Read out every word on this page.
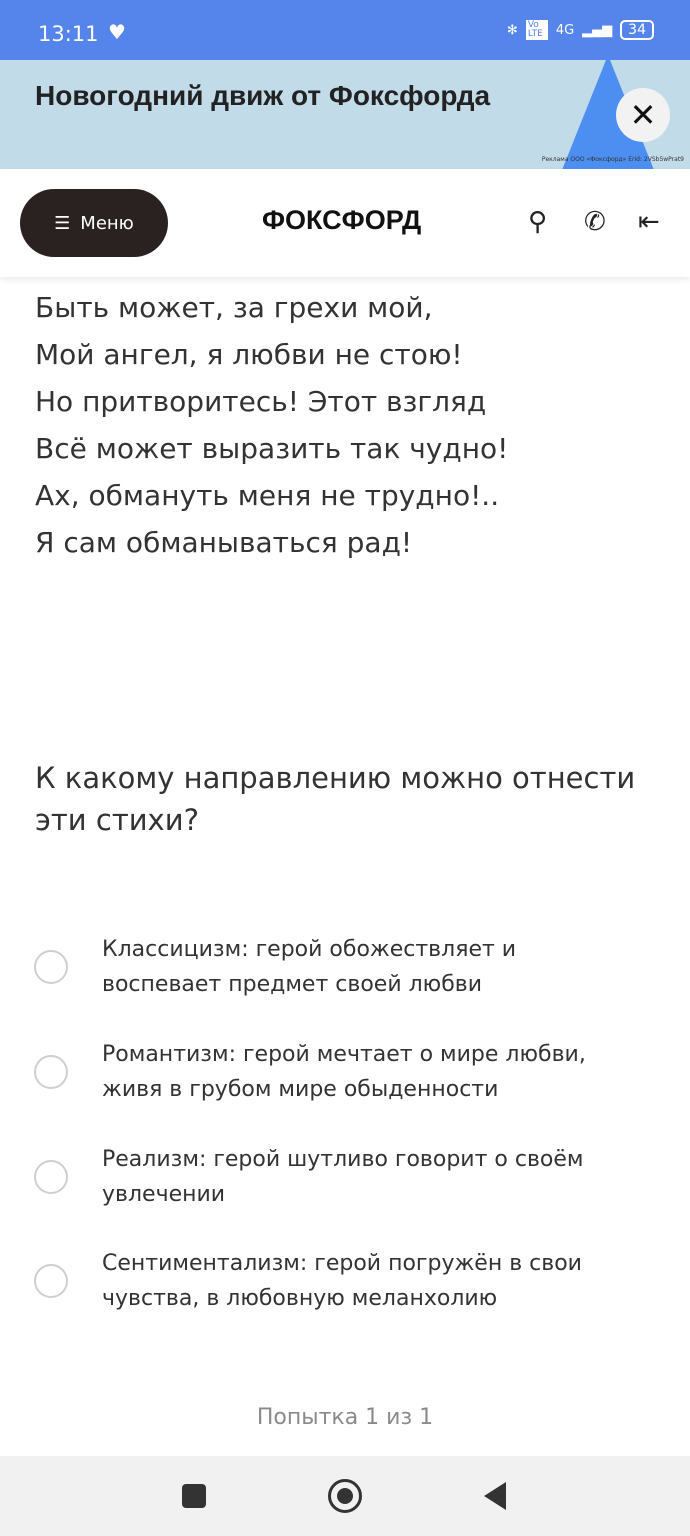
13:11 ♥	✻ Vo LTE	4G ▂▄▆	34
Новогодний движ от Фоксфорда
Реклама ООО «Фоксфорд» Erid: 2VSb5wPrat9
✕
☰ Меню	ФОКСФОРД	⚲ ✆ ⇤
Быть может, за грехи мой,
Мой ангел, я любви не стою!
Но притворитесь! Этот взгляд
Всё может выразить так чудно!
Ах, обмануть меня не трудно!..
Я сам обманываться рад!
К какому направлению можно отнести эти стихи?
Классицизм: герой обожествляет и воспевает предмет своей любви
Романтизм: герой мечтает о мире любви, живя в грубом мире обыденности
Реализм: герой шутливо говорит о своём увлечении
Сентиментализм: герой погружён в свои чувства, в любовную меланхолию
Попытка 1 из 1
